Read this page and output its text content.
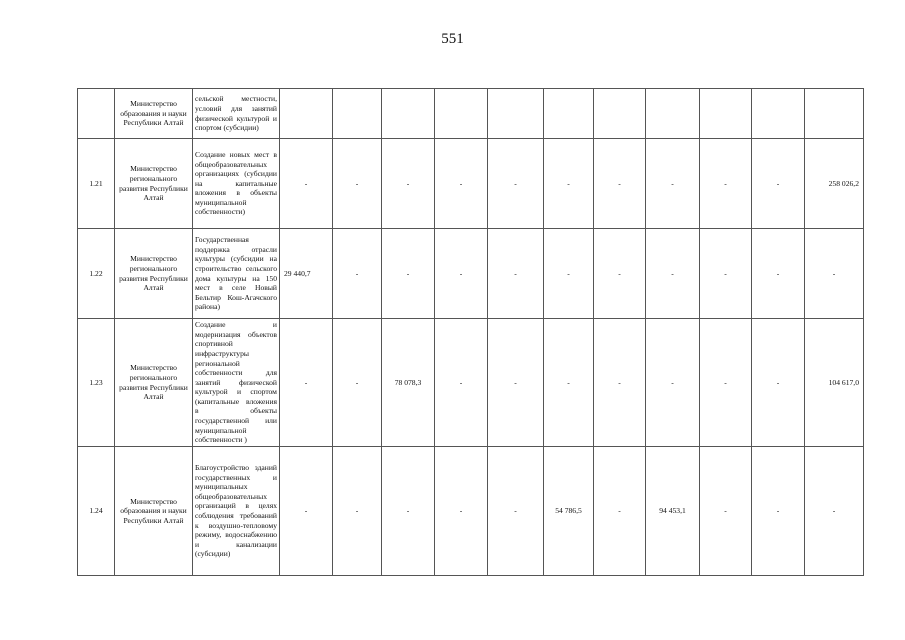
551
	Министерство образования и науки Республики Алтай	сельской местности, условий для занятий физической культурой и спортом (субсидии)											
1.21	Министерство регионального развития Республики Алтай	Создание новых мест в общеобразовательных организациях (субсидии на капитальные вложения в объекты муниципальной собственности)	-	-	-	-	-	-	-	-	-	-	258 026,2
1.22	Министерство регионального развития Республики Алтай	Государственная поддержка отрасли культуры (субсидии на строительство сельского дома культуры на 150 мест в селе Новый Бельтир Кош-Агачского района)	29 440,7	-	-	-	-	-	-	-	-	-	-
1.23	Министерство регионального развития Республики Алтай	Создание и модернизация объектов спортивной инфраструктуры региональной собственности для занятий физической культурой и спортом (капитальные вложения в объекты государственной или муниципальной собственности )	-	-	78 078,3	-	-	-	-	-	-	-	104 617,0
1.24	Министерство образования и науки Республики Алтай	Благоустройство зданий государственных и муниципальных общеобразовательных организаций в целях соблюдения требований к воздушно-тепловому режиму, водоснабжению и канализации (субсидии)	-	-	-	-	-	54 786,5	-	94 453,1	-	-	-
